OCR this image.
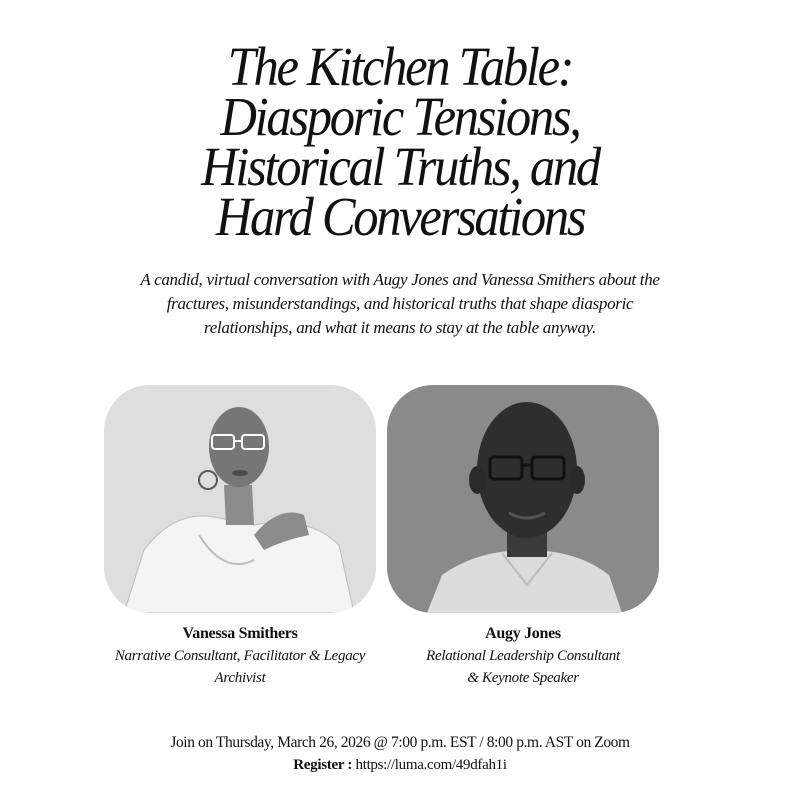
The Kitchen Table:
Diasporic Tensions,
Historical Truths, and
Hard Conversations

A candid, virtual conversation with Augy Jones and Vanessa Smithers about the fractures, misunderstandings, and historical truths that shape diasporic relationships, and what it means to stay at the table anyway.

Vanessa Smithers
Narrative Consultant, Facilitator & Legacy Archivist
Augy Jones
Relational Leadership Consultant & Keynote Speaker
Join on Thursday, March 26, 2026 @ 7:00 p.m. EST / 8:00 p.m. AST on Zoom
Register : https://luma.com/49dfah1i
